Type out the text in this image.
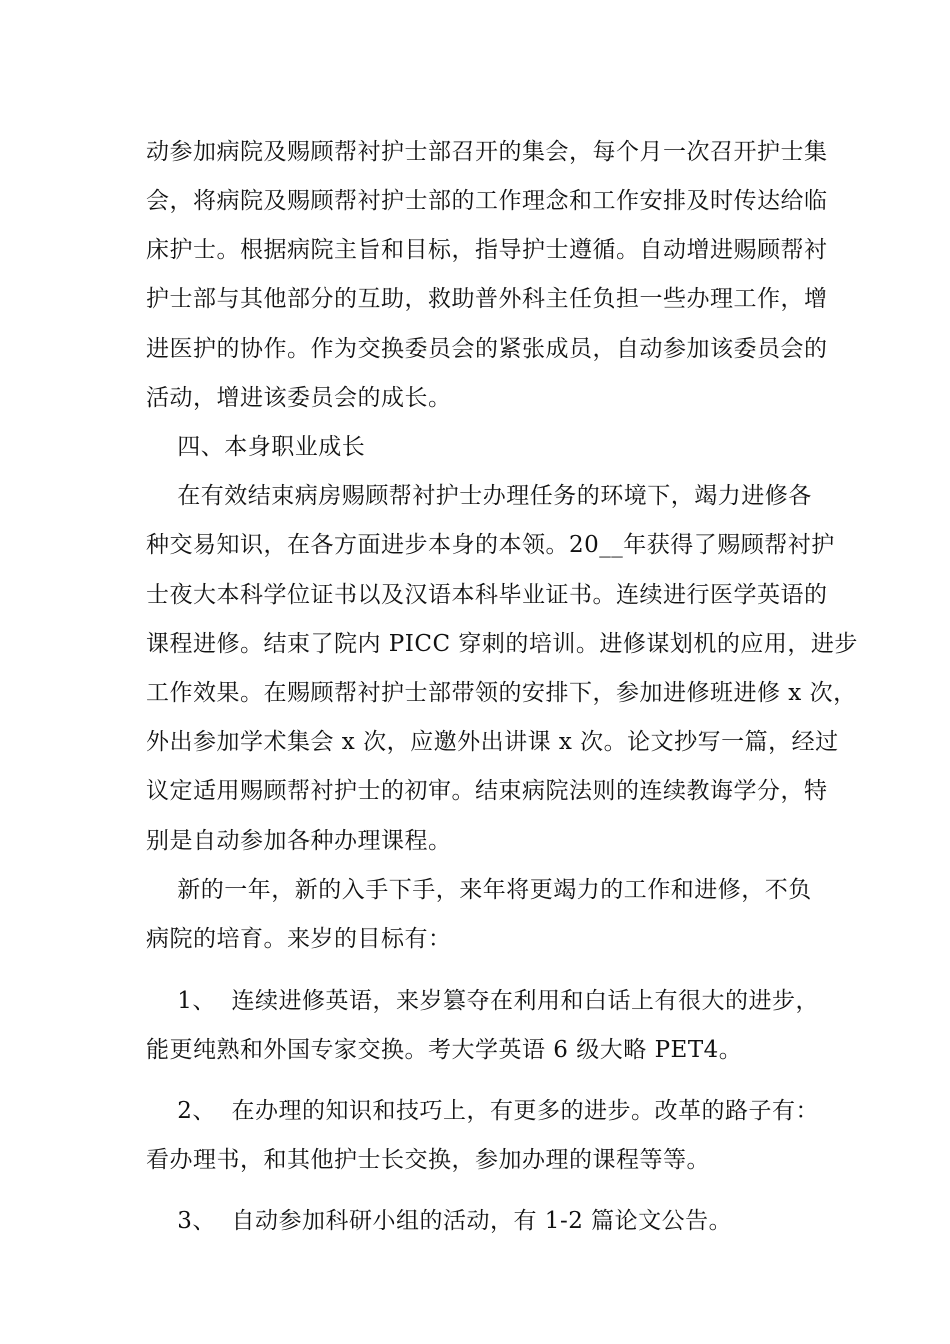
动参加病院及赐顾帮衬护士部召开的集会，每个月一次召开护士集
会，将病院及赐顾帮衬护士部的工作理念和工作安排及时传达给临
床护士。根据病院主旨和目标，指导护士遵循。自动增进赐顾帮衬
护士部与其他部分的互助，救助普外科主任负担一些办理工作，增
进医护的协作。作为交换委员会的紧张成员，自动参加该委员会的
活动，增进该委员会的成长。
四、本身职业成长
在有效结束病房赐顾帮衬护士办理任务的环境下，竭力进修各
种交易知识，在各方面进步本身的本领。20__年获得了赐顾帮衬护
士夜大本科学位证书以及汉语本科毕业证书。连续进行医学英语的
课程进修。结束了院内 PICC 穿刺的培训。进修谋划机的应用，进步
工作效果。在赐顾帮衬护士部带领的安排下，参加进修班进修 x 次，
外出参加学术集会 x 次，应邀外出讲课 x 次。论文抄写一篇，经过
议定适用赐顾帮衬护士的初审。结束病院法则的连续教诲学分，特
别是自动参加各种办理课程。
新的一年，新的入手下手，来年将更竭力的工作和进修，不负
病院的培育。来岁的目标有：
1、  连续进修英语，来岁篡夺在利用和白话上有很大的进步，
能更纯熟和外国专家交换。考大学英语 6 级大略 PET4。
2、  在办理的知识和技巧上，有更多的进步。改革的路子有：
看办理书，和其他护士长交换，参加办理的课程等等。
3、  自动参加科研小组的活动，有 1-2 篇论文公告。
